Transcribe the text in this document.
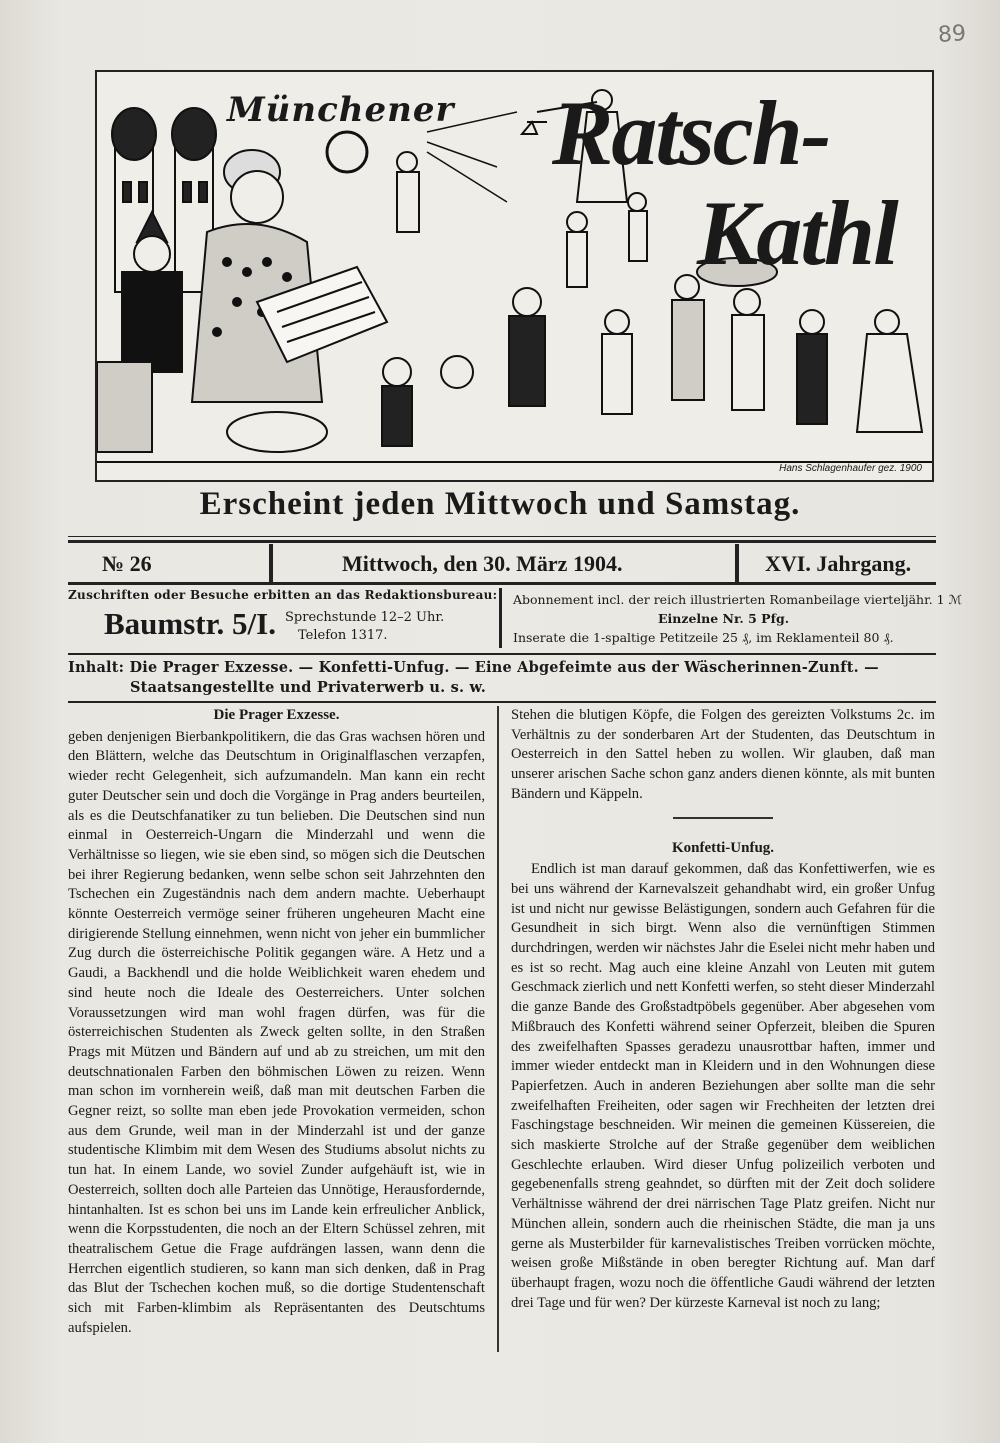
89
Münchener Ratsch-
Kathl
Hans Schlagenhaufer gez. 1900
Erscheint jeden Mittwoch und Samstag.
№ 26	Mittwoch, den 30. März 1904.	XVI. Jahrgang.
Zuschriften oder Besuche erbitten an das Redaktionsbureau:
Baumstr. 5/I. Sprechstunde 12–2 Uhr.
Telefon 1317.
Abonnement incl. der reich illustrierten Romanbeilage vierteljähr. 1 ℳ
Einzelne Nr. 5 Pfg.
Inserate die 1-spaltige Petitzeile 25 ₰, im Reklamenteil 80 ₰.
Inhalt: Die Prager Exzesse. — Konfetti-Unfug. — Eine Abgefeimte aus der Wäscherinnen-Zunft. —
Staatsangestellte und Privaterwerb u. s. w.

Die Prager Exzesse.

geben denjenigen Bierbankpolitikern, die das Gras wachsen hören und den Blättern, welche das Deutschtum in Originalflaschen verzapfen, wieder recht Gelegenheit, sich aufzumandeln. Man kann ein recht guter Deutscher sein und doch die Vorgänge in Prag anders beurteilen, als es die Deutschfanatiker zu tun belieben. Die Deutschen sind nun einmal in Oesterreich-Ungarn die Minderzahl und wenn die Verhältnisse so liegen, wie sie eben sind, so mögen sich die Deutschen bei ihrer Regierung bedanken, wenn selbe schon seit Jahrzehnten den Tschechen ein Zugeständnis nach dem andern machte. Ueberhaupt könnte Oesterreich vermöge seiner früheren ungeheuren Macht eine dirigierende Stellung einnehmen, wenn nicht von jeher ein bummlicher Zug durch die österreichische Politik gegangen wäre. A Hetz und a Gaudi, a Backhendl und die holde Weiblichkeit waren ehedem und sind heute noch die Ideale des Oesterreichers. Unter solchen Voraussetzungen wird man wohl fragen dürfen, was für die österreichischen Studenten als Zweck gelten sollte, in den Straßen Prags mit Mützen und Bändern auf und ab zu streichen, um mit den deutschnationalen Farben den böhmischen Löwen zu reizen. Wenn man schon im vornherein weiß, daß man mit deutschen Farben die Gegner reizt, so sollte man eben jede Provokation vermeiden, schon aus dem Grunde, weil man in der Minderzahl ist und der ganze studentische Klimbim mit dem Wesen des Studiums absolut nichts zu tun hat. In einem Lande, wo soviel Zunder aufgehäuft ist, wie in Oesterreich, sollten doch alle Parteien das Unnötige, Herausfordernde, hintanhalten. Ist es schon bei uns im Lande kein erfreulicher Anblick, wenn die Korpsstudenten, die noch an der Eltern Schüssel zehren, mit theatralischem Getue die Frage aufdrängen lassen, wann denn die Herrchen eigentlich studieren, so kann man sich denken, daß in Prag das Blut der Tschechen kochen muß, so die dortige Studentenschaft sich mit Farben-klimbim als Repräsentanten des Deutschtums aufspielen.

Stehen die blutigen Köpfe, die Folgen des gereizten Volkstums 2c. im Verhältnis zu der sonderbaren Art der Studenten, das Deutschtum in Oesterreich in den Sattel heben zu wollen. Wir glauben, daß man unserer arischen Sache schon ganz anders dienen könnte, als mit bunten Bändern und Käppeln.

Konfetti-Unfug.

Endlich ist man darauf gekommen, daß das Konfettiwerfen, wie es bei uns während der Karnevalszeit gehandhabt wird, ein großer Unfug ist und nicht nur gewisse Belästigungen, sondern auch Gefahren für die Gesundheit in sich birgt. Wenn also die vernünftigen Stimmen durchdringen, werden wir nächstes Jahr die Eselei nicht mehr haben und es ist so recht. Mag auch eine kleine Anzahl von Leuten mit gutem Geschmack zierlich und nett Konfetti werfen, so steht dieser Minderzahl die ganze Bande des Großstadtpöbels gegenüber. Aber abgesehen vom Mißbrauch des Konfetti während seiner Opferzeit, bleiben die Spuren des zweifelhaften Spasses geradezu unausrottbar haften, immer und immer wieder entdeckt man in Kleidern und in den Wohnungen diese Papierfetzen. Auch in anderen Beziehungen aber sollte man die sehr zweifelhaften Freiheiten, oder sagen wir Frechheiten der letzten drei Faschingstage beschneiden. Wir meinen die gemeinen Küssereien, die sich maskierte Strolche auf der Straße gegenüber dem weiblichen Geschlechte erlauben. Wird dieser Unfug polizeilich verboten und gegebenenfalls streng geahndet, so dürften mit der Zeit doch solidere Verhältnisse während der drei närrischen Tage Platz greifen. Nicht nur München allein, sondern auch die rheinischen Städte, die man ja uns gerne als Musterbilder für karnevalistisches Treiben vorrücken möchte, weisen große Mißstände in oben beregter Richtung auf. Man darf überhaupt fragen, wozu noch die öffentliche Gaudi während der letzten drei Tage und für wen? Der kürzeste Karneval ist noch zu lang;
